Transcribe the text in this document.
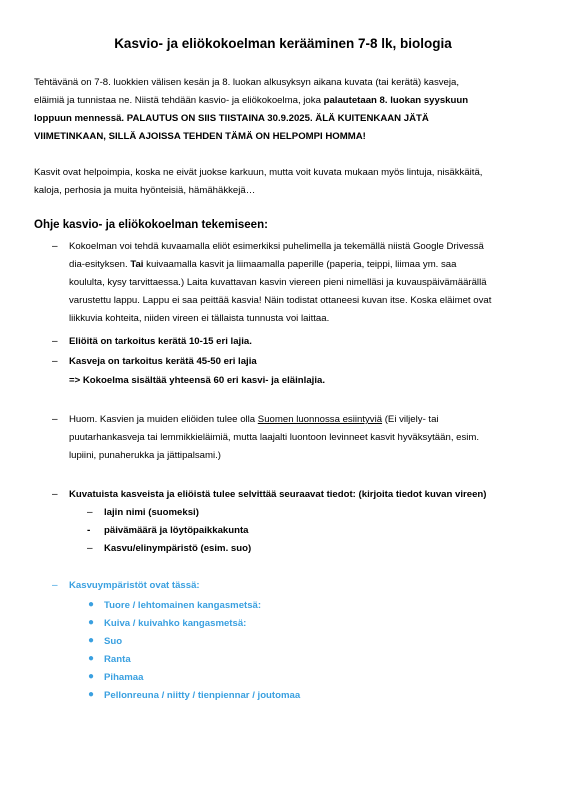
Kasvio- ja eliökokoelman kerääminen 7-8 lk, biologia
Tehtävänä on 7-8. luokkien välisen kesän ja 8. luokan alkusyksyn aikana kuvata (tai kerätä) kasveja,
eläimiä ja tunnistaa ne. Niistä tehdään kasvio- ja eliökokoelma, joka palautetaan 8. luokan syyskuun
loppuun mennessä. PALAUTUS ON SIIS TIISTAINA 30.9.2025. ÄLÄ KUITENKAAN JÄTÄ
VIIMETINKAAN, SILLÄ AJOISSA TEHDEN TÄMÄ ON HELPOMPI HOMMA!
Kasvit ovat helpoimpia, koska ne eivät juokse karkuun, mutta voit kuvata mukaan myös lintuja, nisäkkäitä,
kaloja, perhosia ja muita hyönteisiä, hämähäkkejä…
Ohje kasvio- ja eliökokoelman tekemiseen:
– Kokoelman voi tehdä kuvaamalla eliöt esimerkiksi puhelimella ja tekemällä niistä Google Drivessä
dia-esityksen. Tai kuivaamalla kasvit ja liimaamalla paperille (paperia, teippi, liimaa ym. saa
koululta, kysy tarvittaessa.) Laita kuvattavan kasvin viereen pieni nimelläsi ja kuvauspäivämäärällä
varustettu lappu. Lappu ei saa peittää kasvia! Näin todistat ottaneesi kuvan itse. Koska eläimet ovat
liikkuvia kohteita, niiden vireen ei tällaista tunnusta voi laittaa.
– Eliöitä on tarkoitus kerätä 10-15 eri lajia.
– Kasveja on tarkoitus kerätä 45-50 eri lajia
=> Kokoelma sisältää yhteensä 60 eri kasvi- ja eläinlajia.
– Huom. Kasvien ja muiden eliöiden tulee olla Suomen luonnossa esiintyviä (Ei viljely- tai
puutarhankasveja tai lemmikkieläimiä, mutta laajalti luontoon levinneet kasvit hyväksytään, esim.
lupiini, punaherukka ja jättipalsami.)
– Kuvatuista kasveista ja eliöistä tulee selvittää seuraavat tiedot: (kirjoita tiedot kuvan vireen)
– lajin nimi (suomeksi)
- päivämäärä ja löytöpaikkakunta
– Kasvu/elinympäristö (esim. suo)
– Kasvuympäristöt ovat tässä:
● Tuore / lehtomainen kangasmetsä:
● Kuiva / kuivahko kangasmetsä:
● Suo
● Ranta
● Pihamaa
● Pellonreuna / niitty / tienpiennar / joutomaa
